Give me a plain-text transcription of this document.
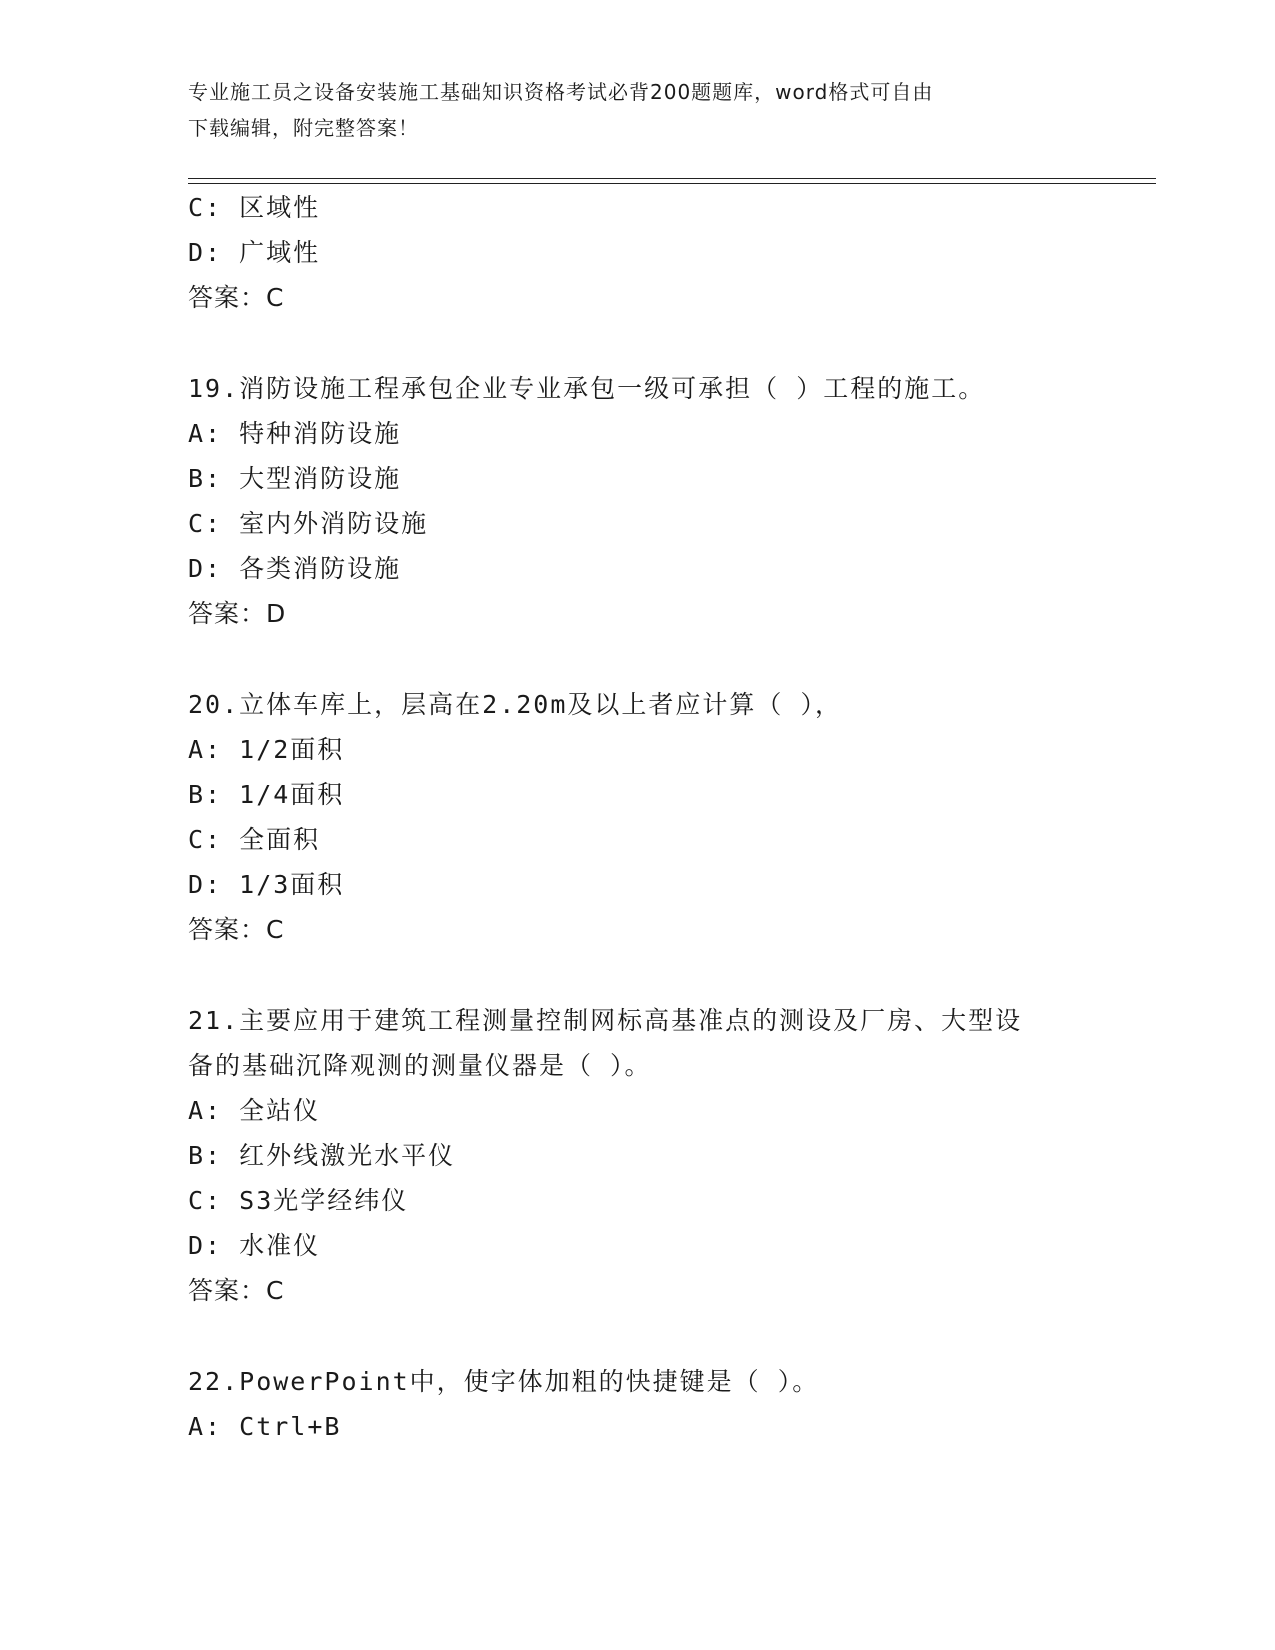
专业施工员之设备安装施工基础知识资格考试必背200题题库，word格式可自由
下载编辑，附完整答案！
C: 区域性
D: 广域性
答案：C
19.消防设施工程承包企业专业承包一级可承担（ ）工程的施工。
A: 特种消防设施
B: 大型消防设施
C: 室内外消防设施
D: 各类消防设施
答案：D
20.立体车库上，层高在2.20m及以上者应计算（ ），
A: 1/2面积
B: 1/4面积
C: 全面积
D: 1/3面积
答案：C
21.主要应用于建筑工程测量控制网标高基准点的测设及厂房、大型设
备的基础沉降观测的测量仪器是（ ）。
A: 全站仪
B: 红外线激光水平仪
C: S3光学经纬仪
D: 水准仪
答案：C
22.PowerPoint中，使字体加粗的快捷键是（ ）。
A: Ctrl+B
